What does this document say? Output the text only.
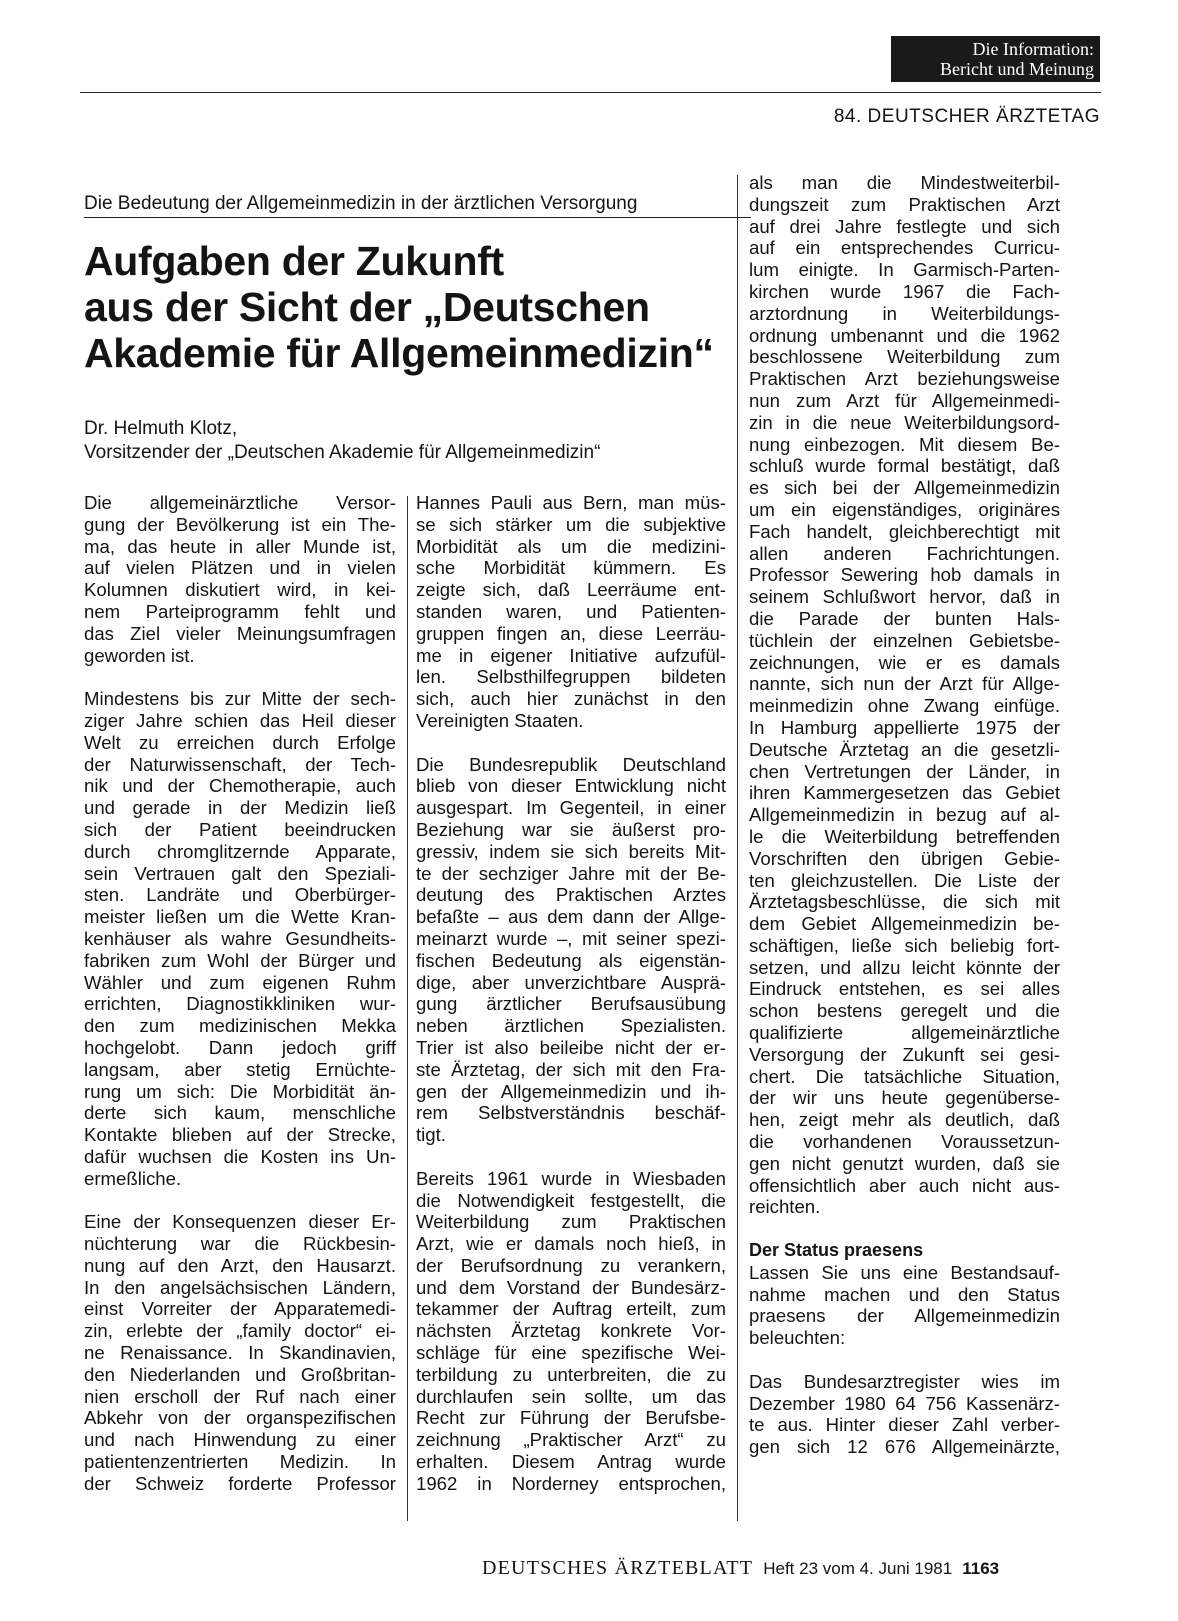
Die Information:
Bericht und Meinung
84. DEUTSCHER ÄRZTETAG
Die Bedeutung der Allgemeinmedizin in der ärztlichen Versorgung
Aufgaben der Zukunft
aus der Sicht der „Deutschen
Akademie für Allgemeinmedizin“
Dr. Helmuth Klotz,
Vorsitzender der „Deutschen Akademie für Allgemeinmedizin“
Die allgemeinärztliche Versor-
gung der Bevölkerung ist ein The-
ma, das heute in aller Munde ist,
auf vielen Plätzen und in vielen
Kolumnen diskutiert wird, in kei-
nem Parteiprogramm fehlt und
das Ziel vieler Meinungsumfragen
geworden ist.
Mindestens bis zur Mitte der sech-
ziger Jahre schien das Heil dieser
Welt zu erreichen durch Erfolge
der Naturwissenschaft, der Tech-
nik und der Chemotherapie, auch
und gerade in der Medizin ließ
sich der Patient beeindrucken
durch chromglitzernde Apparate,
sein Vertrauen galt den Speziali-
sten. Landräte und Oberbürger-
meister ließen um die Wette Kran-
kenhäuser als wahre Gesundheits-
fabriken zum Wohl der Bürger und
Wähler und zum eigenen Ruhm
errichten, Diagnostikkliniken wur-
den zum medizinischen Mekka
hochgelobt. Dann jedoch griff
langsam, aber stetig Ernüchte-
rung um sich: Die Morbidität än-
derte sich kaum, menschliche
Kontakte blieben auf der Strecke,
dafür wuchsen die Kosten ins Un-
ermeßliche.
Eine der Konsequenzen dieser Er-
nüchterung war die Rückbesin-
nung auf den Arzt, den Hausarzt.
In den angelsächsischen Ländern,
einst Vorreiter der Apparatemedi-
zin, erlebte der „family doctor“ ei-
ne Renaissance. In Skandinavien,
den Niederlanden und Großbritan-
nien erscholl der Ruf nach einer
Abkehr von der organspezifischen
und nach Hinwendung zu einer
patientenzentrierten Medizin. In
der Schweiz forderte Professor
Hannes Pauli aus Bern, man müs-
se sich stärker um die subjektive
Morbidität als um die medizini-
sche Morbidität kümmern. Es
zeigte sich, daß Leerräume ent-
standen waren, und Patienten-
gruppen fingen an, diese Leerräu-
me in eigener Initiative aufzufül-
len. Selbsthilfegruppen bildeten
sich, auch hier zunächst in den
Vereinigten Staaten.
Die Bundesrepublik Deutschland
blieb von dieser Entwicklung nicht
ausgespart. Im Gegenteil, in einer
Beziehung war sie äußerst pro-
gressiv, indem sie sich bereits Mit-
te der sechziger Jahre mit der Be-
deutung des Praktischen Arztes
befaßte – aus dem dann der Allge-
meinarzt wurde –, mit seiner spezi-
fischen Bedeutung als eigenstän-
dige, aber unverzichtbare Ausprä-
gung ärztlicher Berufsausübung
neben ärztlichen Spezialisten.
Trier ist also beileibe nicht der er-
ste Ärztetag, der sich mit den Fra-
gen der Allgemeinmedizin und ih-
rem Selbstverständnis beschäf-
tigt.
Bereits 1961 wurde in Wiesbaden
die Notwendigkeit festgestellt, die
Weiterbildung zum Praktischen
Arzt, wie er damals noch hieß, in
der Berufsordnung zu verankern,
und dem Vorstand der Bundesärz-
tekammer der Auftrag erteilt, zum
nächsten Ärztetag konkrete Vor-
schläge für eine spezifische Wei-
terbildung zu unterbreiten, die zu
durchlaufen sein sollte, um das
Recht zur Führung der Berufsbe-
zeichnung „Praktischer Arzt“ zu
erhalten. Diesem Antrag wurde
1962 in Norderney entsprochen,
als man die Mindestweiterbil-
dungszeit zum Praktischen Arzt
auf drei Jahre festlegte und sich
auf ein entsprechendes Curricu-
lum einigte. In Garmisch-Parten-
kirchen wurde 1967 die Fach-
arztordnung in Weiterbildungs-
ordnung umbenannt und die 1962
beschlossene Weiterbildung zum
Praktischen Arzt beziehungsweise
nun zum Arzt für Allgemeinmedi-
zin in die neue Weiterbildungsord-
nung einbezogen. Mit diesem Be-
schluß wurde formal bestätigt, daß
es sich bei der Allgemeinmedizin
um ein eigenständiges, originäres
Fach handelt, gleichberechtigt mit
allen anderen Fachrichtungen.
Professor Sewering hob damals in
seinem Schlußwort hervor, daß in
die Parade der bunten Hals-
tüchlein der einzelnen Gebietsbe-
zeichnungen, wie er es damals
nannte, sich nun der Arzt für Allge-
meinmedizin ohne Zwang einfüge.
In Hamburg appellierte 1975 der
Deutsche Ärztetag an die gesetzli-
chen Vertretungen der Länder, in
ihren Kammergesetzen das Gebiet
Allgemeinmedizin in bezug auf al-
le die Weiterbildung betreffenden
Vorschriften den übrigen Gebie-
ten gleichzustellen. Die Liste der
Ärztetagsbeschlüsse, die sich mit
dem Gebiet Allgemeinmedizin be-
schäftigen, ließe sich beliebig fort-
setzen, und allzu leicht könnte der
Eindruck entstehen, es sei alles
schon bestens geregelt und die
qualifizierte allgemeinärztliche
Versorgung der Zukunft sei gesi-
chert. Die tatsächliche Situation,
der wir uns heute gegenüberse-
hen, zeigt mehr als deutlich, daß
die vorhandenen Voraussetzun-
gen nicht genutzt wurden, daß sie
offensichtlich aber auch nicht aus-
reichten.
Der Status praesens
Lassen Sie uns eine Bestandsauf-
nahme machen und den Status
praesens der Allgemeinmedizin
beleuchten:
Das Bundesarztregister wies im
Dezember 1980 64 756 Kassenärz-
te aus. Hinter dieser Zahl verber-
gen sich 12 676 Allgemeinärzte,
DEUTSCHES ÄRZTEBLATT Heft 23 vom 4. Juni 1981 1163
